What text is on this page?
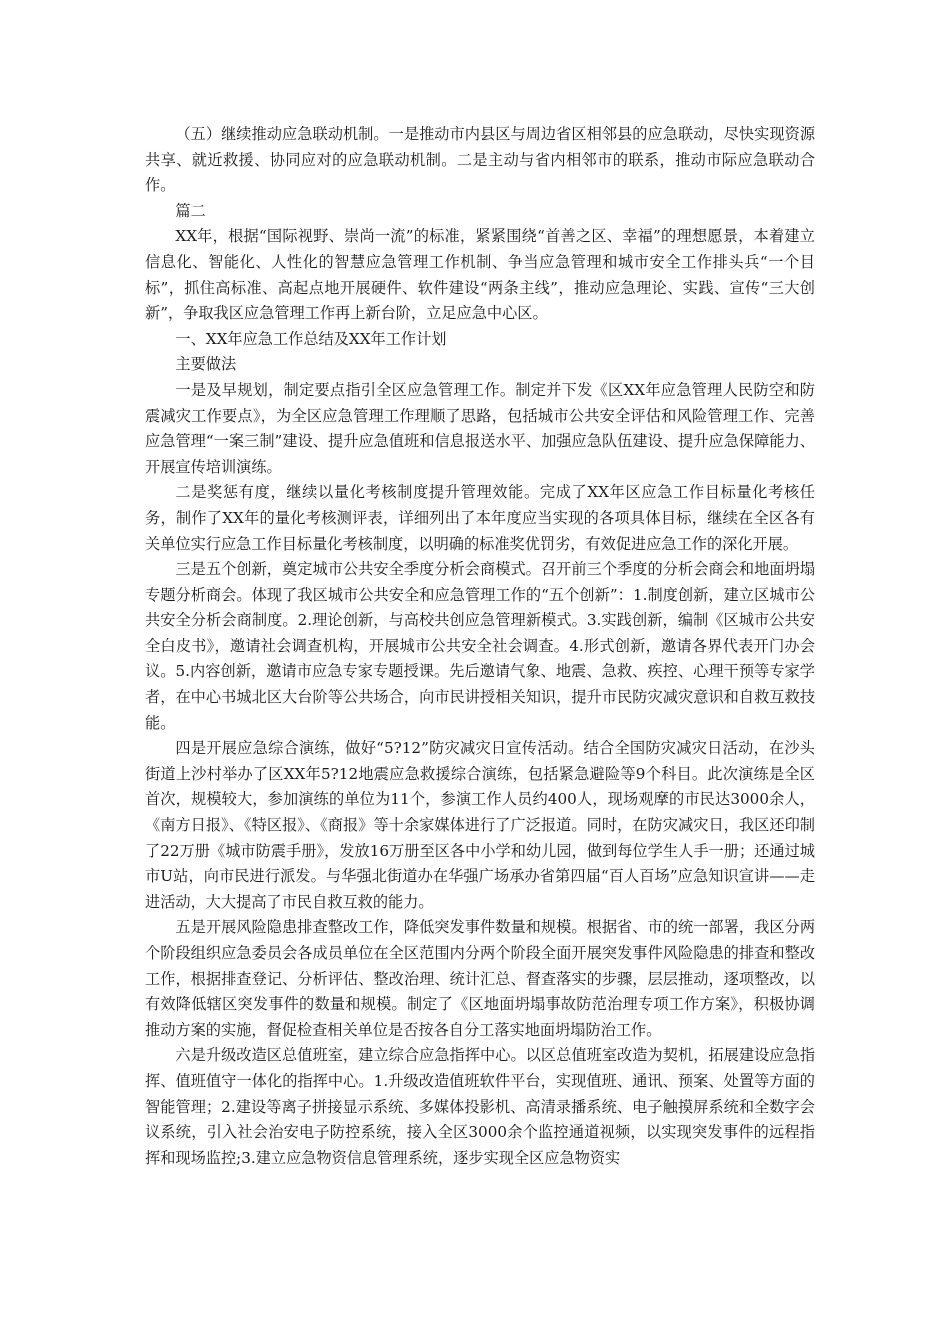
（五）继续推动应急联动机制。一是推动市内县区与周边省区相邻县的应急联动，尽快实现资源共享、就近救援、协同应对的应急联动机制。二是主动与省内相邻市的联系，推动市际应急联动合作。

篇二

XX年，根据“国际视野、崇尚一流”的标准，紧紧围绕“首善之区、幸福”的理想愿景，本着建立信息化、智能化、人性化的智慧应急管理工作机制、争当应急管理和城市安全工作排头兵“一个目标”，抓住高标准、高起点地开展硬件、软件建设“两条主线”，推动应急理论、实践、宣传“三大创新”，争取我区应急管理工作再上新台阶，立足应急中心区。

一、XX年应急工作总结及XX年工作计划

主要做法

一是及早规划，制定要点指引全区应急管理工作。制定并下发《区XX年应急管理人民防空和防震减灾工作要点》，为全区应急管理工作理顺了思路，包括城市公共安全评估和风险管理工作、完善应急管理“一案三制”建设、提升应急值班和信息报送水平、加强应急队伍建设、提升应急保障能力、开展宣传培训演练。

二是奖惩有度，继续以量化考核制度提升管理效能。完成了XX年区应急工作目标量化考核任务，制作了XX年的量化考核测评表，详细列出了本年度应当实现的各项具体目标，继续在全区各有关单位实行应急工作目标量化考核制度，以明确的标准奖优罚劣，有效促进应急工作的深化开展。

三是五个创新，奠定城市公共安全季度分析会商模式。召开前三个季度的分析会商会和地面坍塌专题分析商会。体现了我区城市公共安全和应急管理工作的“五个创新”：1.制度创新，建立区城市公共安全分析会商制度。2.理论创新，与高校共创应急管理新模式。3.实践创新，编制《区城市公共安全白皮书》，邀请社会调查机构，开展城市公共安全社会调查。4.形式创新，邀请各界代表开门办会议。5.内容创新，邀请市应急专家专题授课。先后邀请气象、地震、急救、疾控、心理干预等专家学者，在中心书城北区大台阶等公共场合，向市民讲授相关知识，提升市民防灾减灾意识和自救互救技能。

四是开展应急综合演练，做好“5?12”防灾减灾日宣传活动。结合全国防灾减灾日活动，在沙头街道上沙村举办了区XX年5?12地震应急救援综合演练，包括紧急避险等9个科目。此次演练是全区首次，规模较大，参加演练的单位为11个，参演工作人员约400人，现场观摩的市民达3000余人，《南方日报》、《特区报》、《商报》等十余家媒体进行了广泛报道。同时，在防灾减灾日，我区还印制了22万册《城市防震手册》，发放16万册至区各中小学和幼儿园，做到每位学生人手一册；还通过城市U站，向市民进行派发。与华强北街道办在华强广场承办省第四届“百人百场”应急知识宣讲——走进活动，大大提高了市民自救互救的能力。

五是开展风险隐患排查整改工作，降低突发事件数量和规模。根据省、市的统一部署，我区分两个阶段组织应急委员会各成员单位在全区范围内分两个阶段全面开展突发事件风险隐患的排查和整改工作，根据排查登记、分析评估、整改治理、统计汇总、督查落实的步骤，层层推动，逐项整改，以有效降低辖区突发事件的数量和规模。制定了《区地面坍塌事故防范治理专项工作方案》，积极协调推动方案的实施，督促检查相关单位是否按各自分工落实地面坍塌防治工作。

六是升级改造区总值班室，建立综合应急指挥中心。以区总值班室改造为契机，拓展建设应急指挥、值班值守一体化的指挥中心。1.升级改造值班软件平台，实现值班、通讯、预案、处置等方面的智能管理；2.建设等离子拼接显示系统、多媒体投影机、高清录播系统、电子触摸屏系统和全数字会议系统，引入社会治安电子防控系统，接入全区3000余个监控通道视频，以实现突发事件的远程指挥和现场监控;3.建立应急物资信息管理系统，逐步实现全区应急物资实
